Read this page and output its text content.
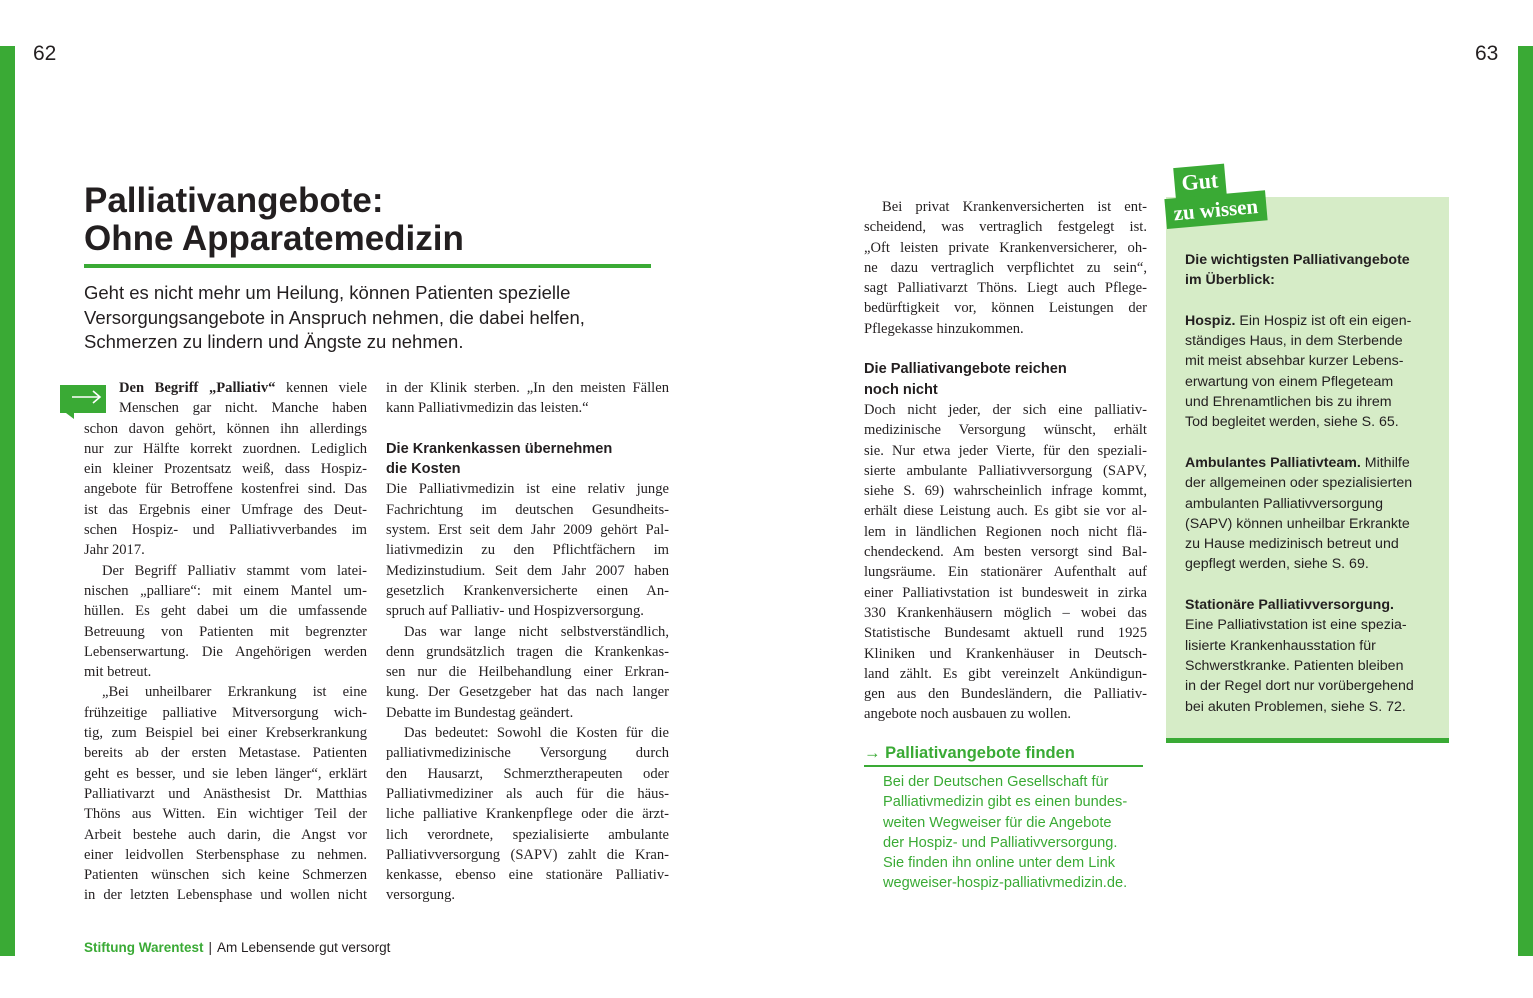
62	63
Palliativangebote:
Ohne Apparatemedizin
Geht es nicht mehr um Heilung, können Patienten spezielle
Versorgungsangebote in Anspruch nehmen, die dabei helfen,
Schmerzen zu lindern und Ängste zu nehmen.
Den Begriff „Palliativ“ kennen viele
Menschen gar nicht. Manche haben
schon davon gehört, können ihn allerdings
nur zur Hälfte korrekt zuordnen. Lediglich
ein kleiner Prozentsatz weiß, dass Hospiz-
angebote für Betroffene kostenfrei sind. Das
ist das Ergebnis einer Umfrage des Deut-
schen Hospiz- und Palliativverbandes im
Jahr 2017.
Der Begriff Palliativ stammt vom latei-
nischen „palliare“: mit einem Mantel um-
hüllen. Es geht dabei um die umfassende
Betreuung von Patienten mit begrenzter
Lebenserwartung. Die Angehörigen werden
mit betreut.
„Bei unheilbarer Erkrankung ist eine
frühzeitige palliative Mitversorgung wich-
tig, zum Beispiel bei einer Krebserkrankung
bereits ab der ersten Metastase. Patienten
geht es besser, und sie leben länger“, erklärt
Palliativarzt und Anästhesist Dr. Matthias
Thöns aus Witten. Ein wichtiger Teil der
Arbeit bestehe auch darin, die Angst vor
einer leidvollen Sterbensphase zu nehmen.
Patienten wünschen sich keine Schmerzen
in der letzten Lebensphase und wollen nicht
in der Klinik sterben. „In den meisten Fällen
kann Palliativmedizin das leisten.“
Die Krankenkassen übernehmen
die Kosten
Die Palliativmedizin ist eine relativ junge
Fachrichtung im deutschen Gesundheits-
system. Erst seit dem Jahr 2009 gehört Pal-
liativmedizin zu den Pflichtfächern im
Medizinstudium. Seit dem Jahr 2007 haben
gesetzlich Krankenversicherte einen An-
spruch auf Palliativ- und Hospizversorgung.
Das war lange nicht selbstverständlich,
denn grundsätzlich tragen die Krankenkas-
sen nur die Heilbehandlung einer Erkran-
kung. Der Gesetzgeber hat das nach langer
Debatte im Bundestag geändert.
Das bedeutet: Sowohl die Kosten für die
palliativmedizinische Versorgung durch
den Hausarzt, Schmerztherapeuten oder
Palliativmediziner als auch für die häus-
liche palliative Krankenpflege oder die ärzt-
lich verordnete, spezialisierte ambulante
Palliativversorgung (SAPV) zahlt die Kran-
kenkasse, ebenso eine stationäre Palliativ-
versorgung.
Bei privat Krankenversicherten ist ent-
scheidend, was vertraglich festgelegt ist.
„Oft leisten private Krankenversicherer, oh-
ne dazu vertraglich verpflichtet zu sein“,
sagt Palliativarzt Thöns. Liegt auch Pflege-
bedürftigkeit vor, können Leistungen der
Pflegekasse hinzukommen.
Die Palliativangebote reichen
noch nicht
Doch nicht jeder, der sich eine palliativ-
medizinische Versorgung wünscht, erhält
sie. Nur etwa jeder Vierte, für den speziali-
sierte ambulante Palliativversorgung (SAPV,
siehe S. 69) wahrscheinlich infrage kommt,
erhält diese Leistung auch. Es gibt sie vor al-
lem in ländlichen Regionen noch nicht flä-
chendeckend. Am besten versorgt sind Bal-
lungsräume. Ein stationärer Aufenthalt auf
einer Palliativstation ist bundesweit in zirka
330 Krankenhäusern möglich – wobei das
Statistische Bundesamt aktuell rund 1925
Kliniken und Krankenhäuser in Deutsch-
land zählt. Es gibt vereinzelt Ankündigun-
gen aus den Bundesländern, die Palliativ-
angebote noch ausbauen zu wollen.
→ Palliativangebote finden
Bei der Deutschen Gesellschaft für
Palliativmedizin gibt es einen bundes-
weiten Wegweiser für die Angebote
der Hospiz- und Palliativversorgung.
Sie finden ihn online unter dem Link
wegweiser-hospiz-palliativmedizin.de.
Gut
zu wissen
Die wichtigsten Palliativangebote
im Überblick:
Hospiz. Ein Hospiz ist oft ein eigen-
ständiges Haus, in dem Sterbende
mit meist absehbar kurzer Lebens-
erwartung von einem Pflegeteam
und Ehrenamtlichen bis zu ihrem
Tod begleitet werden, siehe S. 65.
Ambulantes Palliativteam. Mithilfe
der allgemeinen oder spezialisierten
ambulanten Palliativversorgung
(SAPV) können unheilbar Erkrankte
zu Hause medizinisch betreut und
gepflegt werden, siehe S. 69.
Stationäre Palliativversorgung.
Eine Palliativstation ist eine spezia-
lisierte Krankenhausstation für
Schwerstkranke. Patienten bleiben
in der Regel dort nur vorübergehend
bei akuten Problemen, siehe S. 72.
Stiftung Warentest | Am Lebensende gut versorgt
